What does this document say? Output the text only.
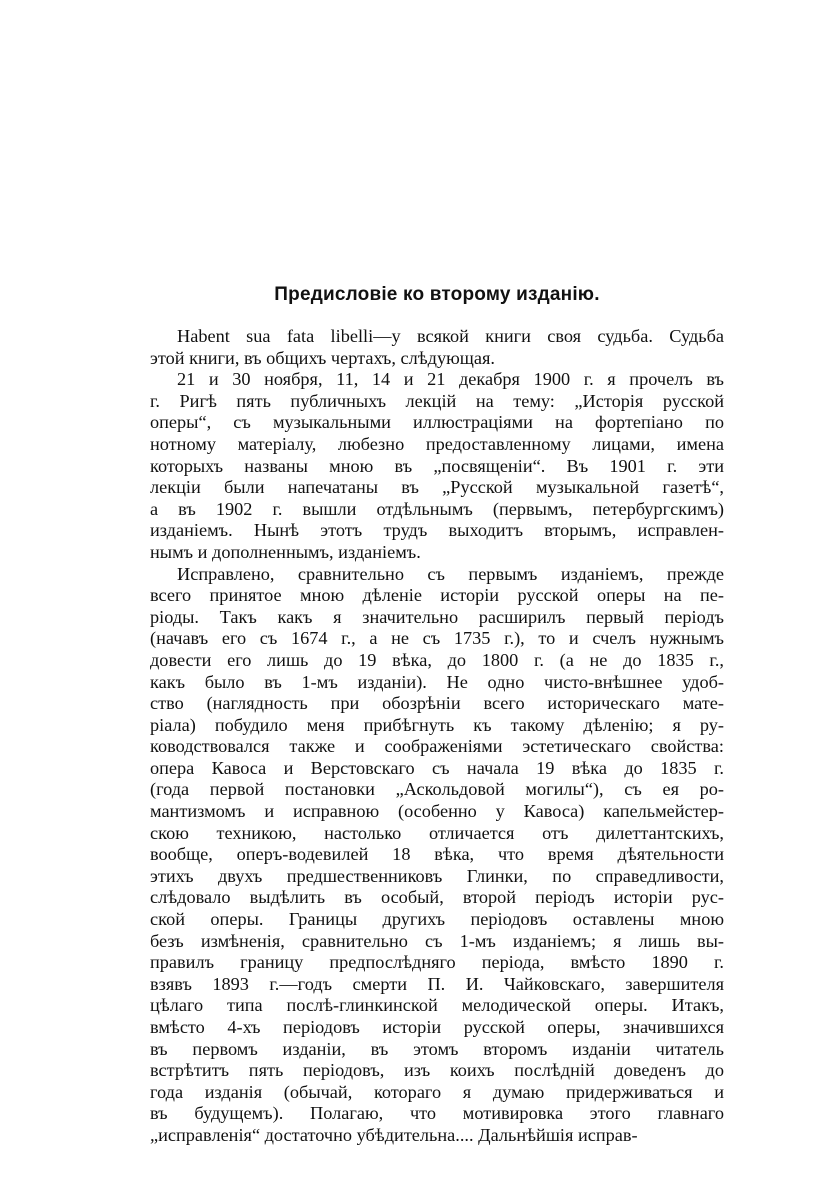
Предисловіе ко второму изданію.
Habent sua fata libelli—у всякой книги своя судьба. Судьба
этой книги, въ общихъ чертахъ, слѣдующая.
21 и 30 ноября, 11, 14 и 21 декабря 1900 г. я прочелъ въ
г. Ригѣ пять публичныхъ лекцій на тему: „Исторія русской
оперы“, съ музыкальными иллюстраціями на фортепіано по
нотному матеріалу, любезно предоставленному лицами, имена
которыхъ названы мною въ „посвященіи“. Въ 1901 г. эти
лекціи были напечатаны въ „Русской музыкальной газетѣ“,
а въ 1902 г. вышли отдѣльнымъ (первымъ, петербургскимъ)
изданіемъ. Нынѣ этотъ трудъ выходитъ вторымъ, исправлен-
нымъ и дополненнымъ, изданіемъ.
Исправлено, сравнительно съ первымъ изданіемъ, прежде
всего принятое мною дѣленіе исторіи русской оперы на пе-
ріоды. Такъ какъ я значительно расширилъ первый періодъ
(начавъ его съ 1674 г., а не съ 1735 г.), то и счелъ нужнымъ
довести его лишь до 19 вѣка, до 1800 г. (а не до 1835 г.,
какъ было въ 1-мъ изданіи). Не одно чисто-внѣшнее удоб-
ство (наглядность при обозрѣніи всего историческаго мате-
ріала) побудило меня прибѣгнуть къ такому дѣленію; я ру-
ководствовался также и соображеніями эстетическаго свойства:
опера Кавоса и Верстовскаго съ начала 19 вѣка до 1835 г.
(года первой постановки „Аскольдовой могилы“), съ ея ро-
мантизмомъ и исправною (особенно у Кавоса) капельмейстер-
скою техникою, настолько отличается отъ дилеттантскихъ,
вообще, оперъ-водевилей 18 вѣка, что время дѣятельности
этихъ двухъ предшественниковъ Глинки, по справедливости,
слѣдовало выдѣлить въ особый, второй періодъ исторіи рус-
ской оперы. Границы другихъ періодовъ оставлены мною
безъ измѣненія, сравнительно съ 1-мъ изданіемъ; я лишь вы-
правилъ границу предпослѣдняго періода, вмѣсто 1890 г.
взявъ 1893 г.—годъ смерти П. И. Чайковскаго, завершителя
цѣлаго типа послѣ-глинкинской мелодической оперы. Итакъ,
вмѣсто 4-хъ періодовъ исторіи русской оперы, значившихся
въ первомъ изданіи, въ этомъ второмъ изданіи читатель
встрѣтитъ пять періодовъ, изъ коихъ послѣдній доведенъ до
года изданія (обычай, котораго я думаю придерживаться и
въ будущемъ). Полагаю, что мотивировка этого главнаго
„исправленія“ достаточно убѣдительна.... Дальнѣйшія исправ-
